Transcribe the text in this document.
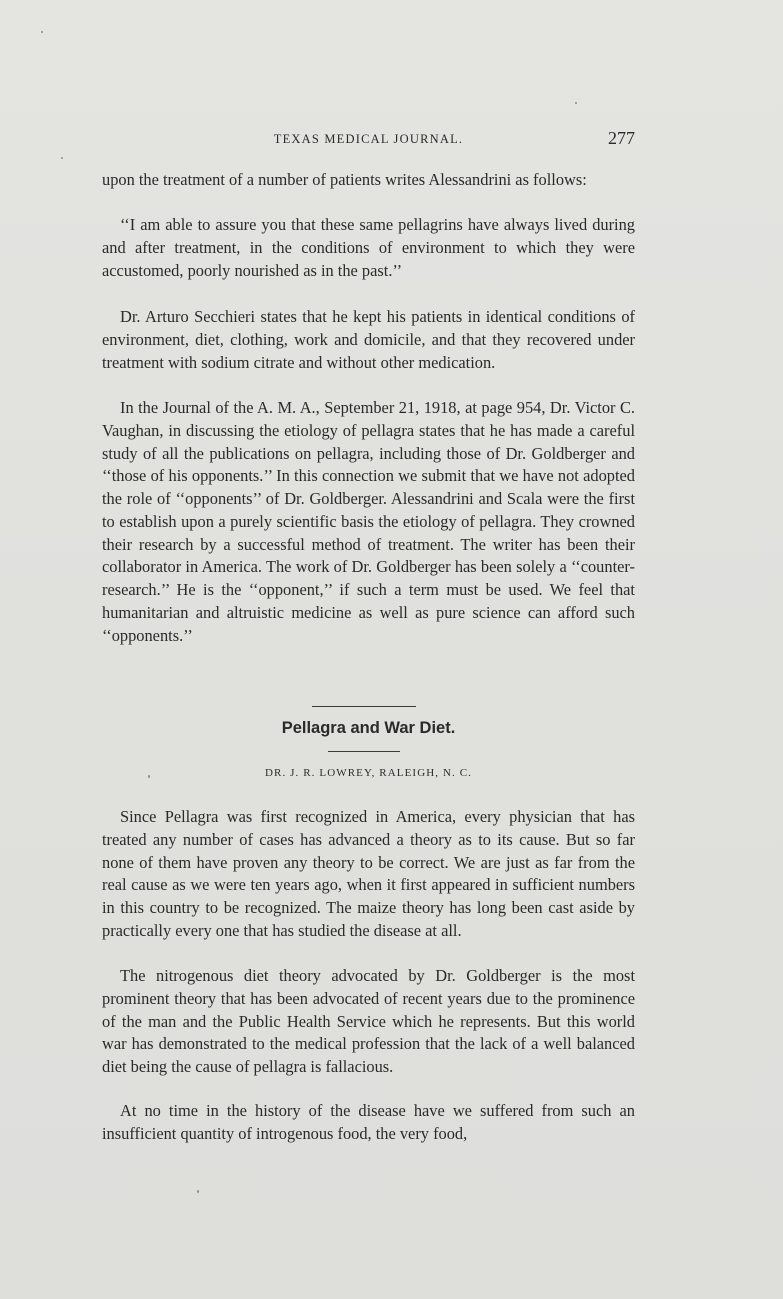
TEXAS MEDICAL JOURNAL.	277

upon the treatment of a number of patients writes Alessandrini as follows:

‘‘I am able to assure you that these same pellagrins have always lived during and after treatment, in the conditions of environment to which they were accustomed, poorly nourished as in the past.’’

Dr. Arturo Secchieri states that he kept his patients in identical conditions of environment, diet, clothing, work and domicile, and that they recovered under treatment with sodium citrate and without other medication.

In the Journal of the A. M. A., September 21, 1918, at page 954, Dr. Victor C. Vaughan, in discussing the etiology of pellagra states that he has made a careful study of all the publications on pellagra, including those of Dr. Goldberger and ‘‘those of his opponents.’’ In this connection we submit that we have not adopted the role of ‘‘opponents’’ of Dr. Goldberger. Alessandrini and Scala were the first to establish upon a purely scientific basis the etiology of pellagra. They crowned their research by a successful method of treatment. The writer has been their collaborator in America. The work of Dr. Goldberger has been solely a ‘‘counter-research.’’ He is the ‘‘opponent,’’ if such a term must be used. We feel that humanitarian and altruistic medicine as well as pure science can afford such ‘‘opponents.’’

Pellagra and War Diet.
DR. J. R. LOWREY, RALEIGH, N. C.

Since Pellagra was first recognized in America, every physician that has treated any number of cases has advanced a theory as to its cause. But so far none of them have proven any theory to be correct. We are just as far from the real cause as we were ten years ago, when it first appeared in sufficient numbers in this country to be recognized. The maize theory has long been cast aside by practically every one that has studied the disease at all.

The nitrogenous diet theory advocated by Dr. Goldberger is the most prominent theory that has been advocated of recent years due to the prominence of the man and the Public Health Service which he represents. But this world war has demonstrated to the medical profession that the lack of a well balanced diet being the cause of pellagra is fallacious.

At no time in the history of the disease have we suffered from such an insufficient quantity of introgenous food, the very food,
